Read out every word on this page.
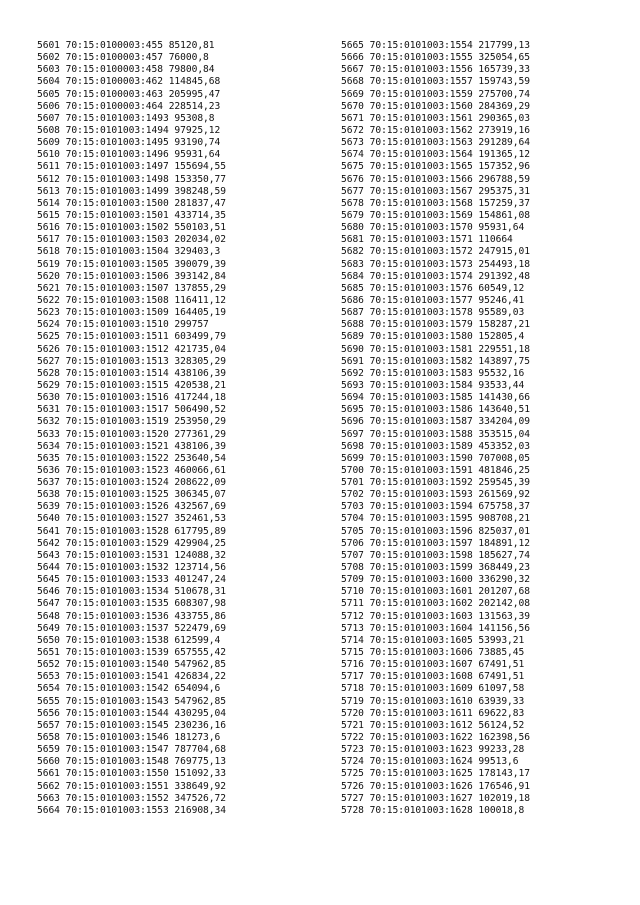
5601 70:15:0100003:455 85120,81
5602 70:15:0100003:457 76000,8
5603 70:15:0100003:458 79800,84
5604 70:15:0100003:462 114845,68
5605 70:15:0100003:463 205995,47
5606 70:15:0100003:464 228514,23
5607 70:15:0101003:1493 95308,8
5608 70:15:0101003:1494 97925,12
5609 70:15:0101003:1495 93190,74
5610 70:15:0101003:1496 95931,64
5611 70:15:0101003:1497 155694,55
5612 70:15:0101003:1498 153350,77
5613 70:15:0101003:1499 398248,59
5614 70:15:0101003:1500 281837,47
5615 70:15:0101003:1501 433714,35
5616 70:15:0101003:1502 550103,51
5617 70:15:0101003:1503 202034,02
5618 70:15:0101003:1504 329403,3
5619 70:15:0101003:1505 390079,39
5620 70:15:0101003:1506 393142,84
5621 70:15:0101003:1507 137855,29
5622 70:15:0101003:1508 116411,12
5623 70:15:0101003:1509 164405,19
5624 70:15:0101003:1510 299757
5625 70:15:0101003:1511 603499,79
5626 70:15:0101003:1512 421735,04
5627 70:15:0101003:1513 328305,29
5628 70:15:0101003:1514 438106,39
5629 70:15:0101003:1515 420538,21
5630 70:15:0101003:1516 417244,18
5631 70:15:0101003:1517 506490,52
5632 70:15:0101003:1519 253950,29
5633 70:15:0101003:1520 277361,29
5634 70:15:0101003:1521 438106,39
5635 70:15:0101003:1522 253640,54
5636 70:15:0101003:1523 460066,61
5637 70:15:0101003:1524 208622,09
5638 70:15:0101003:1525 306345,07
5639 70:15:0101003:1526 432567,69
5640 70:15:0101003:1527 352461,53
5641 70:15:0101003:1528 617795,89
5642 70:15:0101003:1529 429904,25
5643 70:15:0101003:1531 124088,32
5644 70:15:0101003:1532 123714,56
5645 70:15:0101003:1533 401247,24
5646 70:15:0101003:1534 510678,31
5647 70:15:0101003:1535 608307,98
5648 70:15:0101003:1536 433755,86
5649 70:15:0101003:1537 522479,69
5650 70:15:0101003:1538 612599,4
5651 70:15:0101003:1539 657555,42
5652 70:15:0101003:1540 547962,85
5653 70:15:0101003:1541 426834,22
5654 70:15:0101003:1542 654094,6
5655 70:15:0101003:1543 547962,85
5656 70:15:0101003:1544 430295,04
5657 70:15:0101003:1545 230236,16
5658 70:15:0101003:1546 181273,6
5659 70:15:0101003:1547 787704,68
5660 70:15:0101003:1548 769775,13
5661 70:15:0101003:1550 151092,33
5662 70:15:0101003:1551 338649,92
5663 70:15:0101003:1552 347526,72
5664 70:15:0101003:1553 216908,34
5665 70:15:0101003:1554 217799,13
5666 70:15:0101003:1555 325054,65
5667 70:15:0101003:1556 165739,33
5668 70:15:0101003:1557 159743,59
5669 70:15:0101003:1559 275700,74
5670 70:15:0101003:1560 284369,29
5671 70:15:0101003:1561 290365,03
5672 70:15:0101003:1562 273919,16
5673 70:15:0101003:1563 291289,64
5674 70:15:0101003:1564 191365,12
5675 70:15:0101003:1565 157352,96
5676 70:15:0101003:1566 296788,59
5677 70:15:0101003:1567 295375,31
5678 70:15:0101003:1568 157259,37
5679 70:15:0101003:1569 154861,08
5680 70:15:0101003:1570 95931,64
5681 70:15:0101003:1571 110664
5682 70:15:0101003:1572 247915,01
5683 70:15:0101003:1573 254493,18
5684 70:15:0101003:1574 291392,48
5685 70:15:0101003:1576 60549,12
5686 70:15:0101003:1577 95246,41
5687 70:15:0101003:1578 95589,03
5688 70:15:0101003:1579 158287,21
5689 70:15:0101003:1580 152805,4
5690 70:15:0101003:1581 229551,18
5691 70:15:0101003:1582 143897,75
5692 70:15:0101003:1583 95532,16
5693 70:15:0101003:1584 93533,44
5694 70:15:0101003:1585 141430,66
5695 70:15:0101003:1586 143640,51
5696 70:15:0101003:1587 334204,09
5697 70:15:0101003:1588 353515,04
5698 70:15:0101003:1589 453352,03
5699 70:15:0101003:1590 707008,05
5700 70:15:0101003:1591 481846,25
5701 70:15:0101003:1592 259545,39
5702 70:15:0101003:1593 261569,92
5703 70:15:0101003:1594 675758,37
5704 70:15:0101003:1595 908708,21
5705 70:15:0101003:1596 825037,01
5706 70:15:0101003:1597 184891,12
5707 70:15:0101003:1598 185627,74
5708 70:15:0101003:1599 368449,23
5709 70:15:0101003:1600 336290,32
5710 70:15:0101003:1601 201207,68
5711 70:15:0101003:1602 202142,08
5712 70:15:0101003:1603 131563,39
5713 70:15:0101003:1604 141156,56
5714 70:15:0101003:1605 53993,21
5715 70:15:0101003:1606 73885,45
5716 70:15:0101003:1607 67491,51
5717 70:15:0101003:1608 67491,51
5718 70:15:0101003:1609 61097,58
5719 70:15:0101003:1610 63939,33
5720 70:15:0101003:1611 69622,83
5721 70:15:0101003:1612 56124,52
5722 70:15:0101003:1622 162398,56
5723 70:15:0101003:1623 99233,28
5724 70:15:0101003:1624 99513,6
5725 70:15:0101003:1625 178143,17
5726 70:15:0101003:1626 176546,91
5727 70:15:0101003:1627 102019,18
5728 70:15:0101003:1628 100018,8
